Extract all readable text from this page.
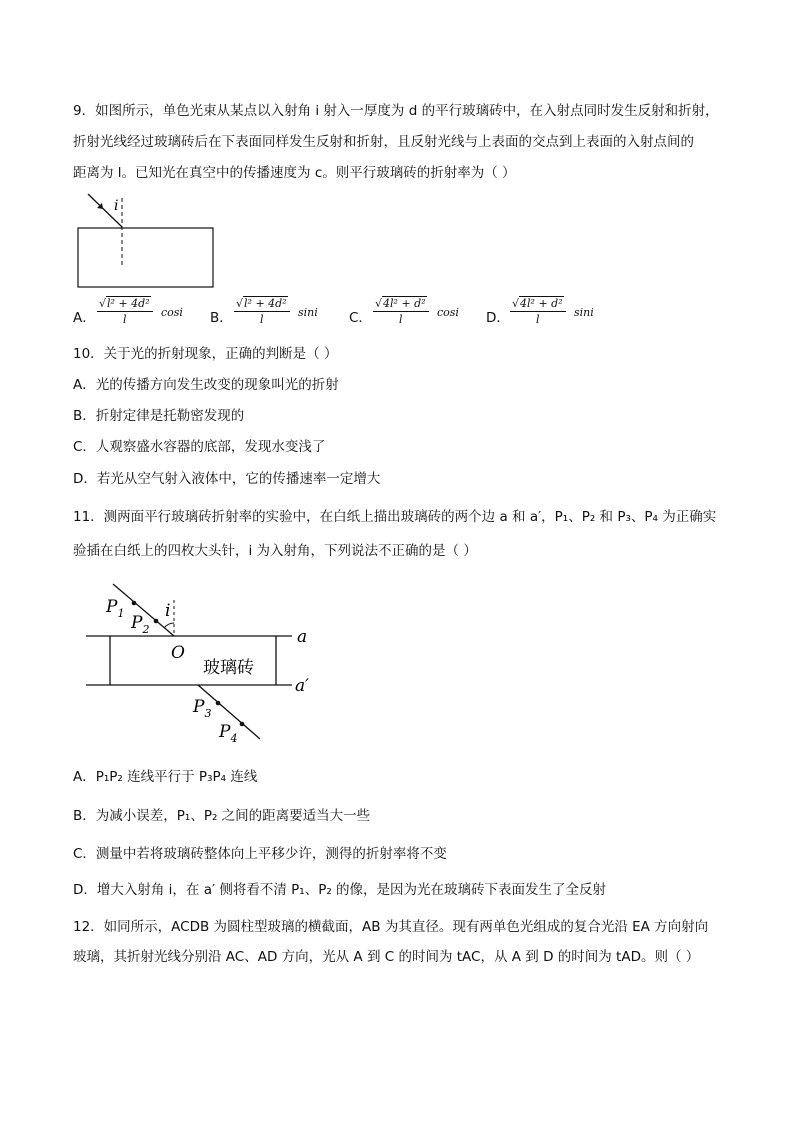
9．如图所示，单色光束从某点以入射角 i 射入一厚度为 d 的平行玻璃砖中，在入射点同时发生反射和折射，
折射光线经过玻璃砖后在下表面同样发生反射和折射，且反射光线与上表面的交点到上表面的入射点间的
距离为 l。已知光在真空中的传播速度为 c。则平行玻璃砖的折射率为（ ）
i
A． $\frac{\text{√l² + 4d²}}{l}$ cosi B． $\frac{\text{√l² + 4d²}}{l}$ sini C． $\frac{\text{√4l² + d²}}{l}$ cosi D． $\frac{\text{√4l² + d²}}{l}$ sini
10．关于光的折射现象，正确的判断是（ ）
A．光的传播方向发生改变的现象叫光的折射
B．折射定律是托勒密发现的
C．人观察盛水容器的底部，发现水变浅了
D．若光从空气射入液体中，它的传播速率一定增大
11．测两面平行玻璃砖折射率的实验中，在白纸上描出玻璃砖的两个边 a 和 a′，P₁、P₂ 和 P₃、P₄ 为正确实
验插在白纸上的四枚大头针，i 为入射角，下列说法不正确的是（ ）
$P_1$ $P_2$
$P_3$
$P_4$
i
O
玻璃砖
a
a′
A．P₁P₂ 连线平行于 P₃P₄ 连线
B．为减小误差，P₁、P₂ 之间的距离要适当大一些
C．测量中若将玻璃砖整体向上平移少许，测得的折射率将不变
D．增大入射角 i，在 a′ 侧将看不清 P₁、P₂ 的像，是因为光在玻璃砖下表面发生了全反射
12．如同所示，ACDB 为圆柱型玻璃的横截面，AB 为其直径。现有两单色光组成的复合光沿 EA 方向射向
玻璃，其折射光线分别沿 AC、AD 方向，光从 A 到 C 的时间为 tAC，从 A 到 D 的时间为 tAD。则（ ）
